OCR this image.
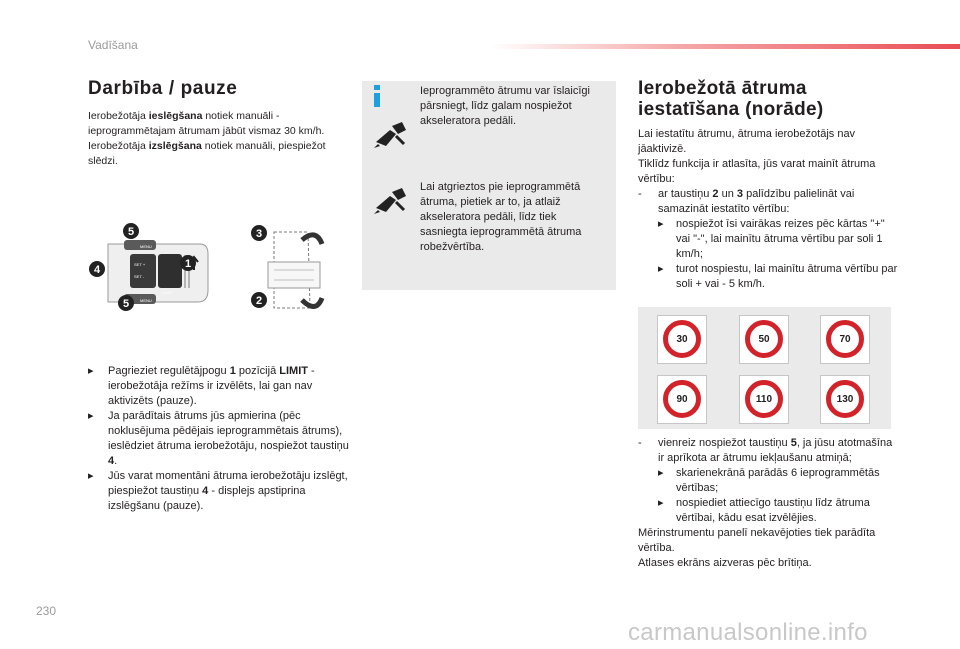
Vadīšana
Darbība / pauze
Ierobežotāja ieslēgšana notiek manuāli - ieprogrammētajam ātrumam jābūt vismaz 30 km/h. Ierobežotāja izslēgšana notiek manuāli, piespiežot slēdzi.
MENU
MENU
SET +
SET -
LIMIT
5
4
5
1
3
2
▸ Pagrieziet regulētājpogu 1 pozīcijā LIMIT - ierobežotāja režīms ir izvēlēts, lai gan nav aktivizēts (pauze).
▸ Ja parādītais ātrums jūs apmierina (pēc noklusējuma pēdējais ieprogrammētais ātrums), ieslēdziet ātruma ierobežotāju, nospiežot taustiņu 4.
▸ Jūs varat momentāni ātruma ierobežotāju izslēgt, piespiežot taustiņu 4 - displejs apstiprina izslēgšanu (pauze).
Ieprogrammēto ātrumu var īslaicīgi pārsniegt, līdz galam nospiežot akseleratora pedāli.
Lai atgrieztos pie ieprogrammētā ātruma, pietiek ar to, ja atlaiž akseleratora pedāli, līdz tiek sasniegta ieprogrammētā ātruma robežvērtība.
Ierobežotā ātruma
iestatīšana (norāde)
Lai iestatītu ātrumu, ātruma ierobežotājs nav jāaktivizē.
Tiklīdz funkcija ir atlasīta, jūs varat mainīt ātruma vērtību:
- ar taustiņu 2 un 3 palīdzību palielināt vai samazināt iestatīto vērtību:
▸ nospiežot īsi vairākas reizes pēc kārtas "+" vai "-", lai mainītu ātruma vērtību par soli 1 km/h;
▸ turot nospiestu, lai mainītu ātruma vērtību par soli + vai - 5 km/h.
30	50	70
90	110	130
- vienreiz nospiežot taustiņu 5, ja jūsu atotmašīna ir aprīkota ar ātrumu iekļaušanu atmiņā;
▸ skarienekrānā parādās 6 ieprogrammētās vērtības;
▸ nospiediet attiecīgo taustiņu līdz ātruma vērtībai, kādu esat izvēlējies.
Mērinstrumentu panelī nekavējoties tiek parādīta vērtība.
Atlases ekrāns aizveras pēc brītiņa.
230
carmanualsonline.info
